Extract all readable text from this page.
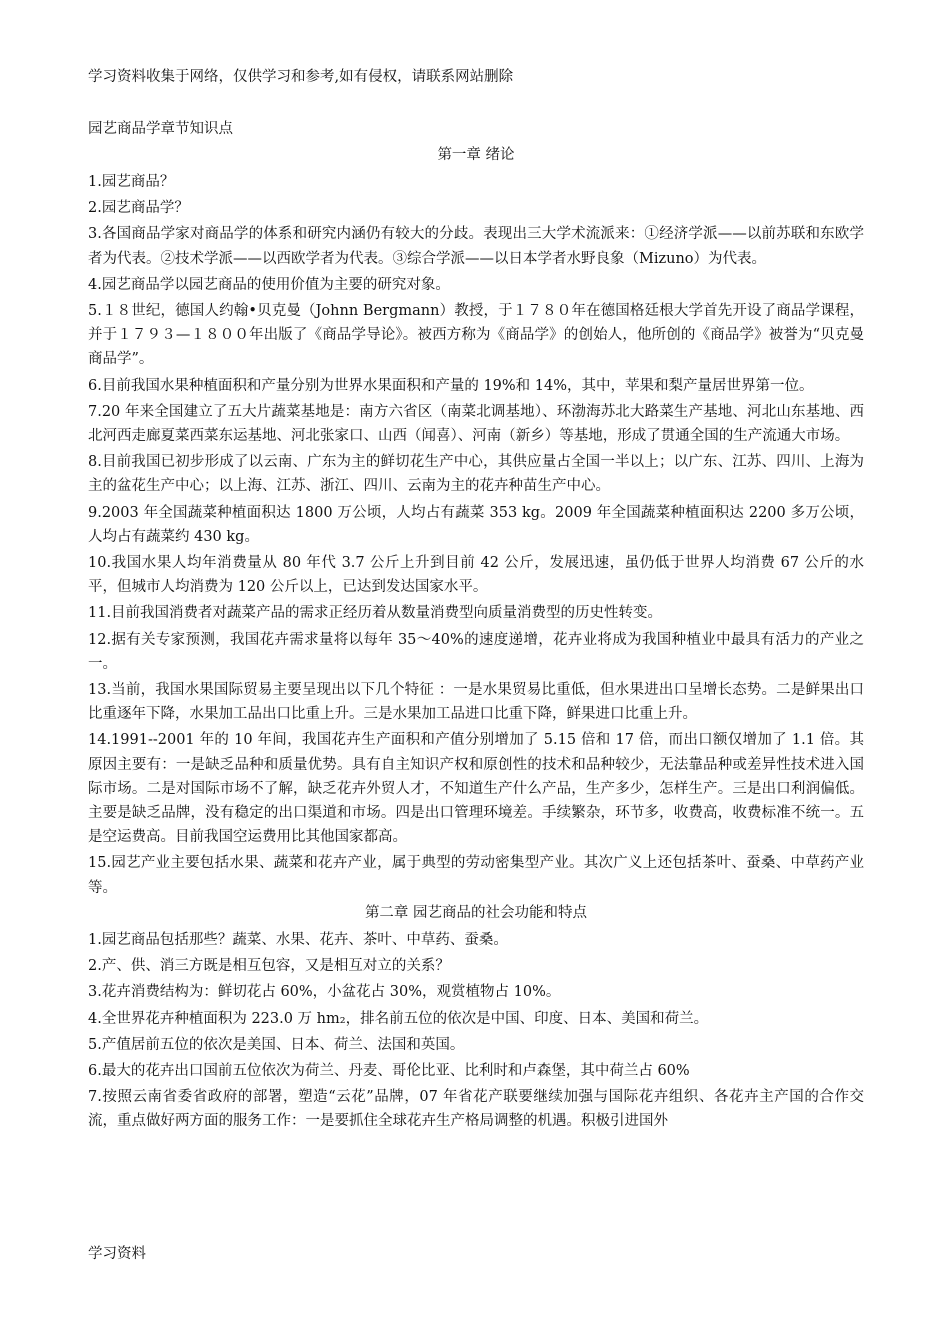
学习资料收集于网络，仅供学习和参考,如有侵权，请联系网站删除

园艺商品学章节知识点

第一章 绪论

1.园艺商品？

2.园艺商品学？

3.各国商品学家对商品学的体系和研究内涵仍有较大的分歧。表现出三大学术流派来：①经济学派——以前苏联和东欧学者为代表。②技术学派——以西欧学者为代表。③综合学派——以日本学者水野良象（Mizuno）为代表。

4.园艺商品学以园艺商品的使用价值为主要的研究对象。

5.１８世纪，德国人约翰•贝克曼（Johnn Bergmann）教授，于１７８０年在德国格廷根大学首先开设了商品学课程，并于１７９３—１８００年出版了《商品学导论》。被西方称为《商品学》的创始人，他所创的《商品学》被誉为“贝克曼商品学”。

6.目前我国水果种植面积和产量分别为世界水果面积和产量的 19%和 14%，其中，苹果和梨产量居世界第一位。

7.20 年来全国建立了五大片蔬菜基地是：南方六省区（南菜北调基地）、环渤海苏北大路菜生产基地、河北山东基地、西北河西走廊夏菜西菜东运基地、河北张家口、山西（闻喜）、河南（新乡）等基地，形成了贯通全国的生产流通大市场。

8.目前我国已初步形成了以云南、广东为主的鲜切花生产中心，其供应量占全国一半以上；以广东、江苏、四川、上海为主的盆花生产中心；以上海、江苏、浙江、四川、云南为主的花卉种苗生产中心。

9.2003 年全国蔬菜种植面积达 1800 万公顷，人均占有蔬菜 353 kg。2009 年全国蔬菜种植面积达 2200 多万公顷，人均占有蔬菜约 430 kg。

10.我国水果人均年消费量从 80 年代 3.7 公斤上升到目前 42 公斤，发展迅速，虽仍低于世界人均消费 67 公斤的水平，但城市人均消费为 120 公斤以上，已达到发达国家水平。

11.目前我国消费者对蔬菜产品的需求正经历着从数量消费型向质量消费型的历史性转变。

12.据有关专家预测，我国花卉需求量将以每年 35～40%的速度递增，花卉业将成为我国种植业中最具有活力的产业之一。

13.当前，我国水果国际贸易主要呈现出以下几个特征 ：一是水果贸易比重低，但水果进出口呈增长态势。二是鲜果出口比重逐年下降，水果加工品出口比重上升。三是水果加工品进口比重下降，鲜果进口比重上升。

14.1991--2001 年的 10 年间，我国花卉生产面积和产值分别增加了 5.15 倍和 17 倍，而出口额仅增加了 1.1 倍。其原因主要有：一是缺乏品种和质量优势。具有自主知识产权和原创性的技术和品种较少，无法靠品种或差异性技术进入国际市场。二是对国际市场不了解，缺乏花卉外贸人才，不知道生产什么产品，生产多少，怎样生产。三是出口利润偏低。主要是缺乏品牌，没有稳定的出口渠道和市场。四是出口管理环境差。手续繁杂，环节多，收费高，收费标准不统一。五是空运费高。目前我国空运费用比其他国家都高。

15.园艺产业主要包括水果、蔬菜和花卉产业，属于典型的劳动密集型产业。其次广义上还包括茶叶、蚕桑、中草药产业等。

第二章 园艺商品的社会功能和特点

1.园艺商品包括那些？蔬菜、水果、花卉、茶叶、中草药、蚕桑。

2.产、供、消三方既是相互包容，又是相互对立的关系？

3.花卉消费结构为：鲜切花占 60%，小盆花占 30%，观赏植物占 10%。

4.全世界花卉种植面积为 223.0 万 hm₂，排名前五位的依次是中国、印度、日本、美国和荷兰。

5.产值居前五位的依次是美国、日本、荷兰、法国和英国。

6.最大的花卉出口国前五位依次为荷兰、丹麦、哥伦比亚、比利时和卢森堡，其中荷兰占 60%

7.按照云南省委省政府的部署，塑造“云花”品牌，07 年省花产联要继续加强与国际花卉组织、各花卉主产国的合作交流，重点做好两方面的服务工作：一是要抓住全球花卉生产格局调整的机遇。积极引进国外

学习资料
